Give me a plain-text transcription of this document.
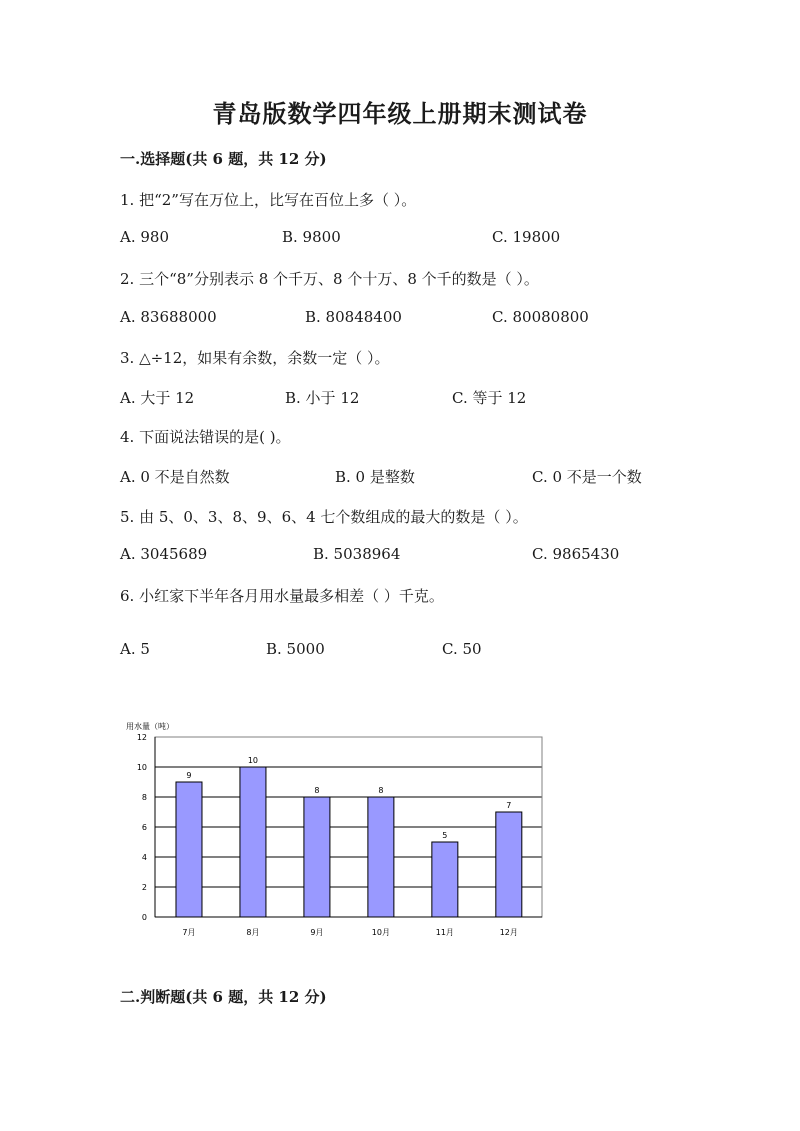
青岛版数学四年级上册期末测试卷
一.选择题(共 6 题，共 12 分)
1. 把“2”写在万位上，比写在百位上多（ ）。
A. 980	B. 9800	C. 19800
2. 三个“8”分别表示 8 个千万、8 个十万、8 个千的数是（ ）。
A. 83688000	B. 80848400	C. 80080800
3. △÷12，如果有余数，余数一定（ ）。
A. 大于 12	B. 小于 12	C. 等于 12
4. 下面说法错误的是( )。
A. 0 不是自然数	B. 0 是整数	C. 0 不是一个数
5. 由 5、0、3、8、9、6、4 七个数组成的最大的数是（ ）。
A. 3045689	B. 5038964	C. 9865430
6. 小红家下半年各月用水量最多相差（ ）千克。
A. 5	B. 5000	C. 50
用水量（吨）
0
2
4
6
8
10
12
9
7月
10
8月
8
9月
8
10月
5
11月
7
12月
二.判断题(共 6 题，共 12 分)
